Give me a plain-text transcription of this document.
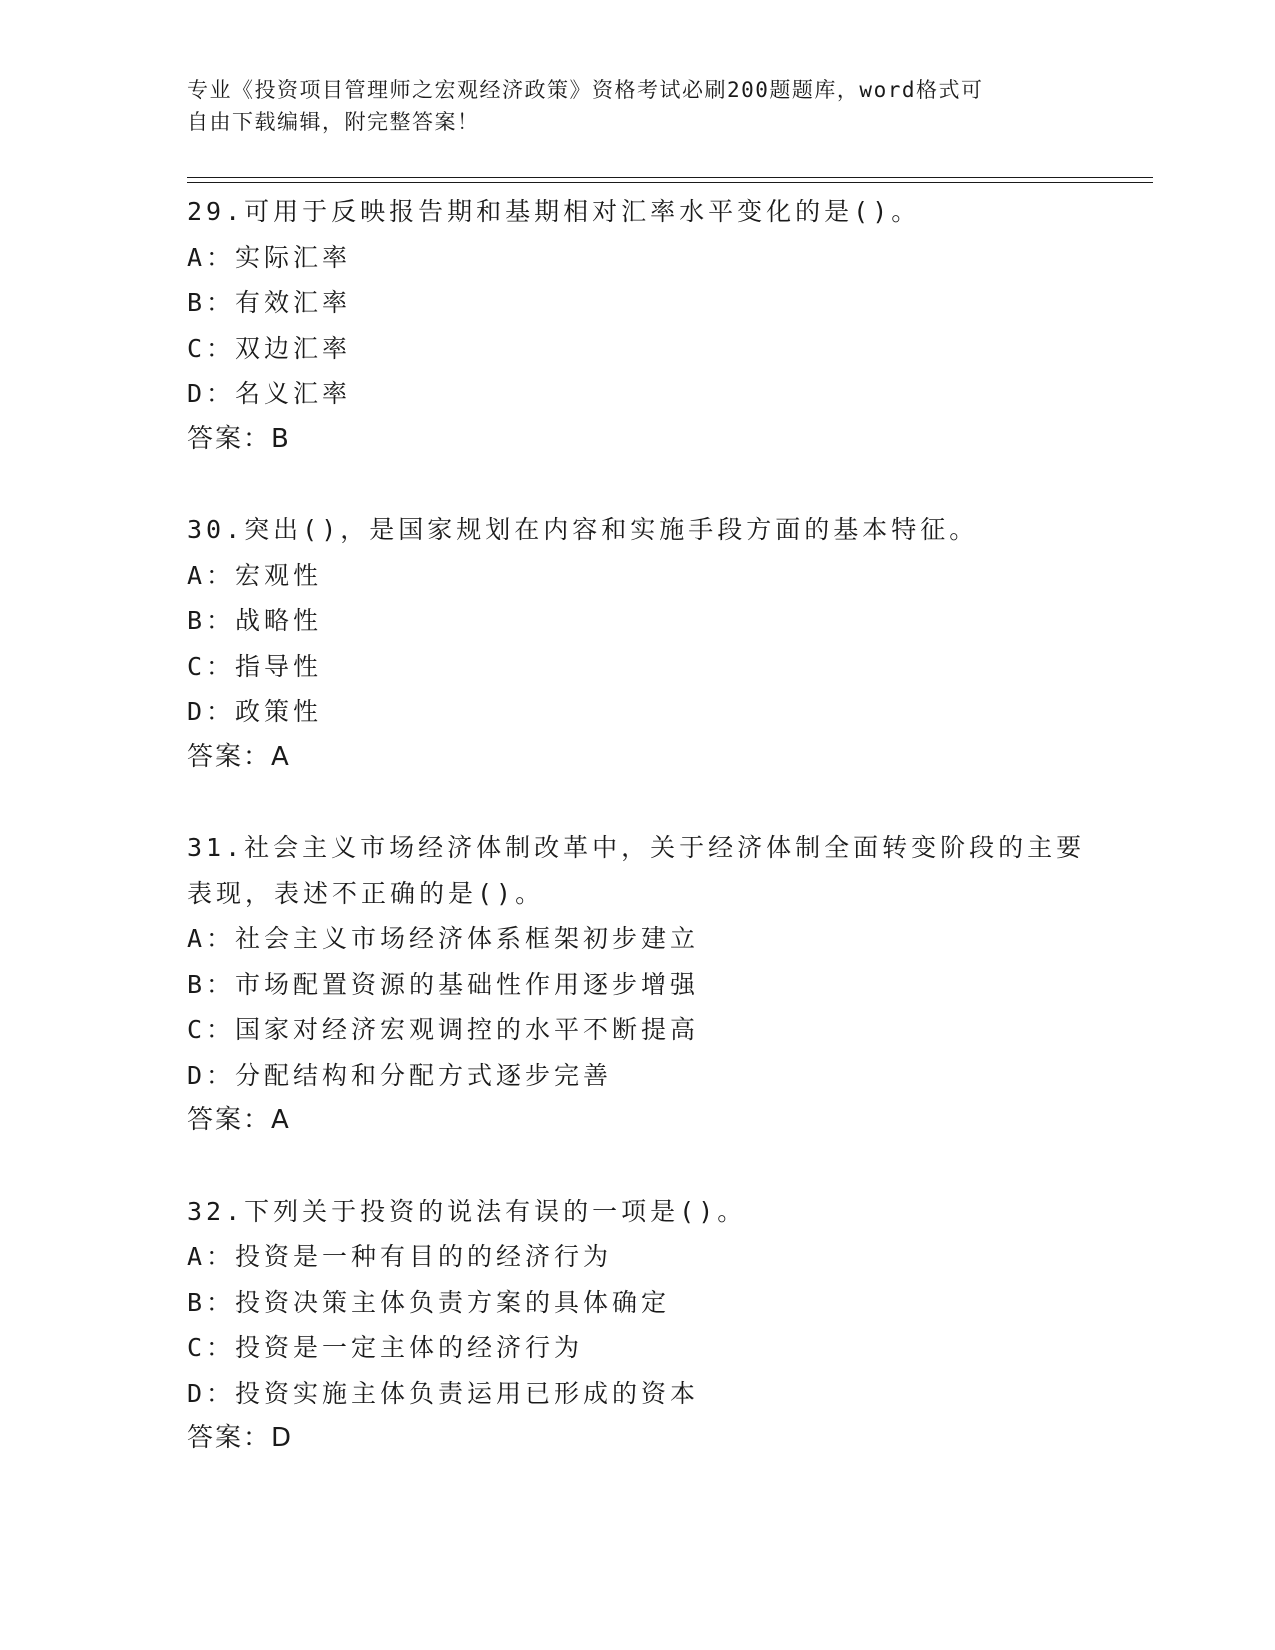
专业《投资项目管理师之宏观经济政策》资格考试必刷200题题库，word格式可
自由下载编辑，附完整答案！
29.可用于反映报告期和基期相对汇率水平变化的是()。
A：实际汇率
B：有效汇率
C：双边汇率
D：名义汇率
答案：B
30.突出()，是国家规划在内容和实施手段方面的基本特征。
A：宏观性
B：战略性
C：指导性
D：政策性
答案：A
31.社会主义市场经济体制改革中，关于经济体制全面转变阶段的主要
表现，表述不正确的是()。
A：社会主义市场经济体系框架初步建立
B：市场配置资源的基础性作用逐步增强
C：国家对经济宏观调控的水平不断提高
D：分配结构和分配方式逐步完善
答案：A
32.下列关于投资的说法有误的一项是()。
A：投资是一种有目的的经济行为
B：投资决策主体负责方案的具体确定
C：投资是一定主体的经济行为
D：投资实施主体负责运用已形成的资本
答案：D
